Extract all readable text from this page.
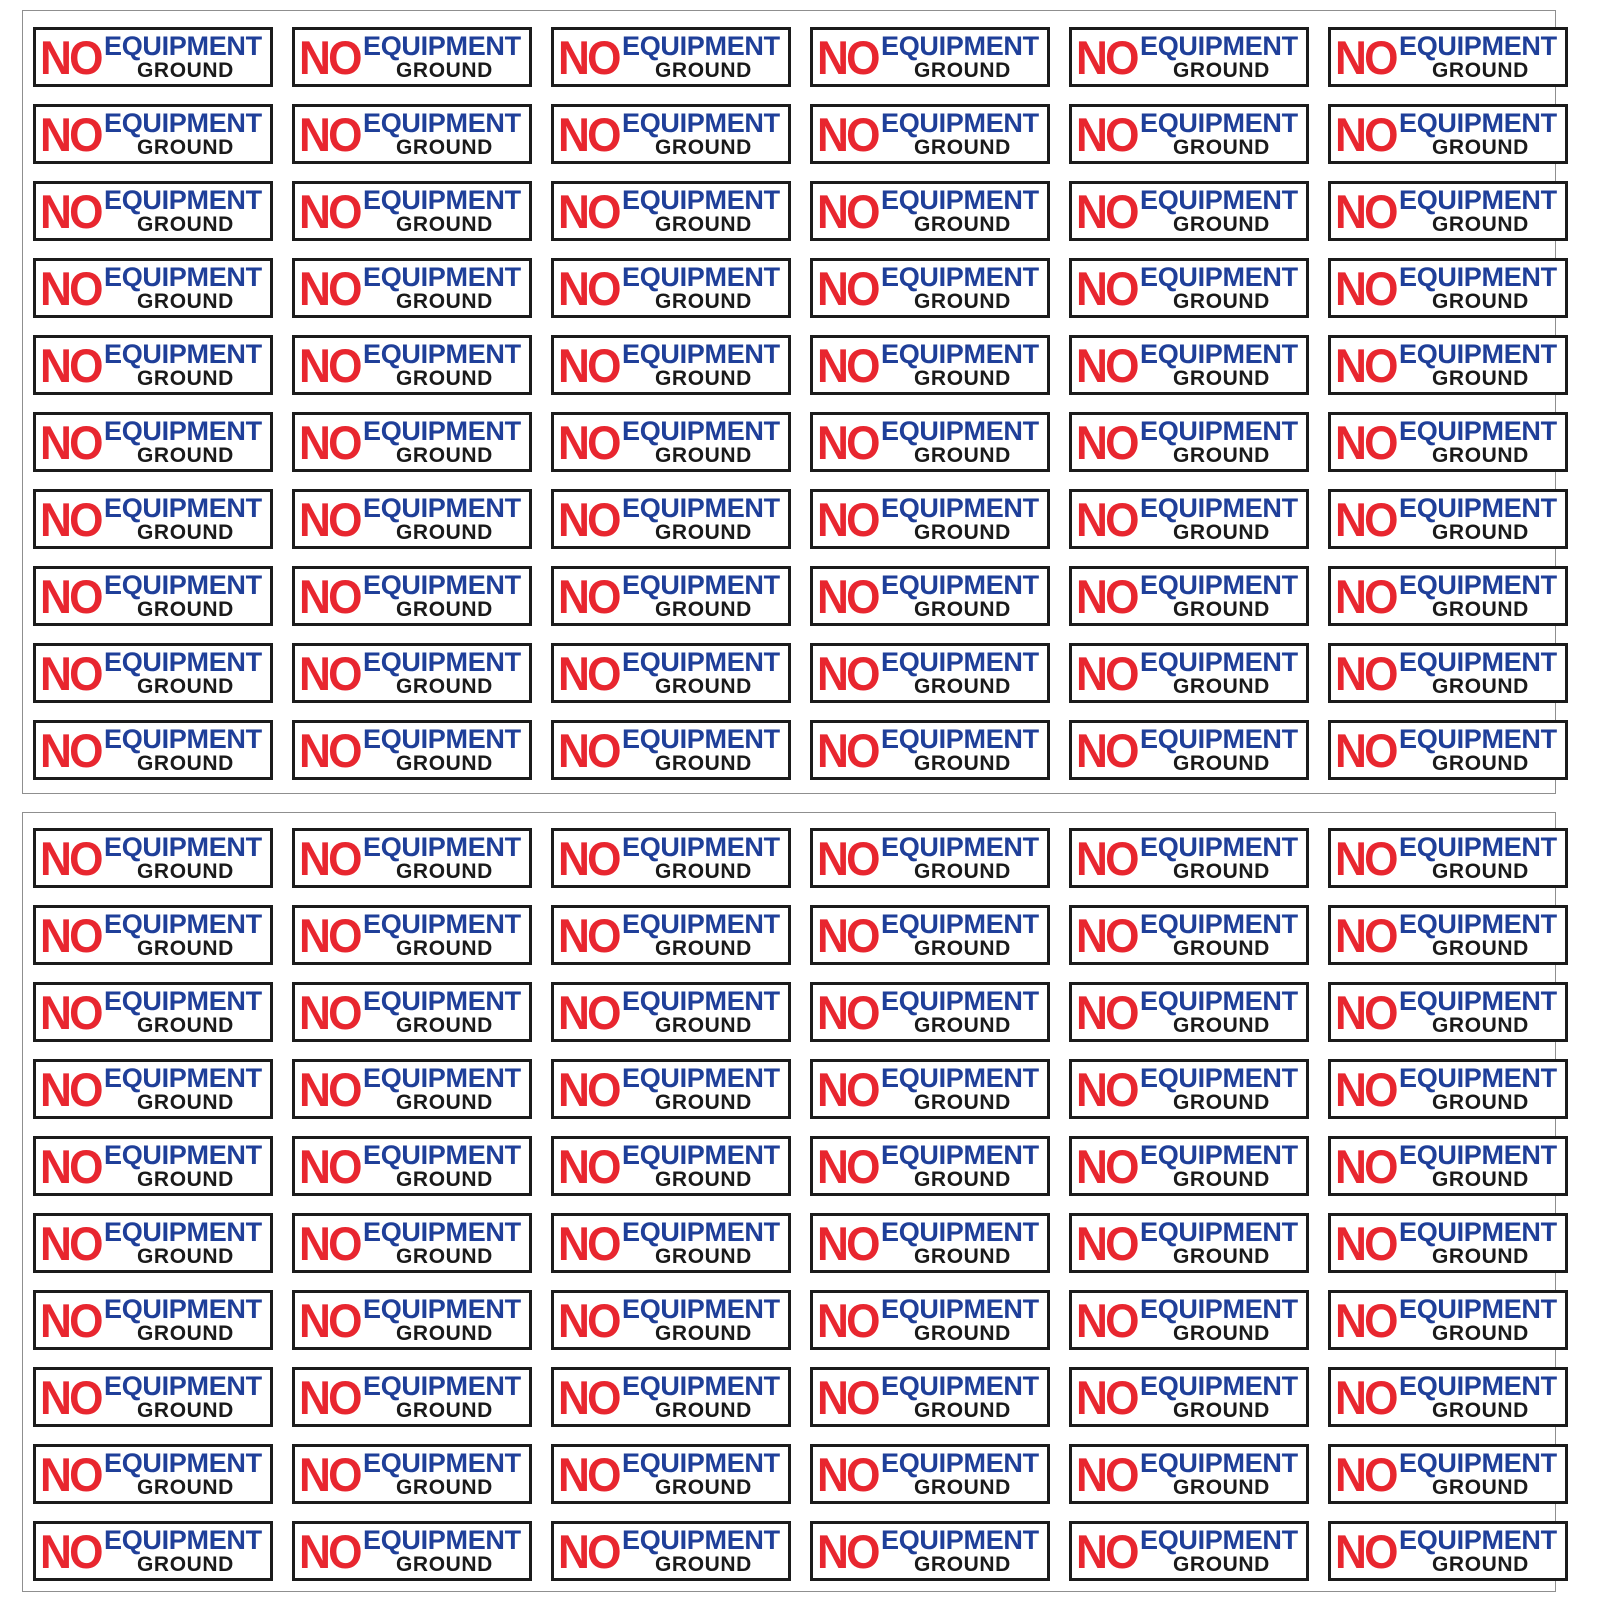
NO EQUIPMENT
GROUND NO EQUIPMENT
GROUND NO EQUIPMENT
GROUND NO EQUIPMENT
GROUND NO EQUIPMENT
GROUND NO EQUIPMENT
GROUND
NO EQUIPMENT
GROUND NO EQUIPMENT
GROUND NO EQUIPMENT
GROUND NO EQUIPMENT
GROUND NO EQUIPMENT
GROUND NO EQUIPMENT
GROUND
NO EQUIPMENT
GROUND NO EQUIPMENT
GROUND NO EQUIPMENT
GROUND NO EQUIPMENT
GROUND NO EQUIPMENT
GROUND NO EQUIPMENT
GROUND
NO EQUIPMENT
GROUND NO EQUIPMENT
GROUND NO EQUIPMENT
GROUND NO EQUIPMENT
GROUND NO EQUIPMENT
GROUND NO EQUIPMENT
GROUND
NO EQUIPMENT
GROUND NO EQUIPMENT
GROUND NO EQUIPMENT
GROUND NO EQUIPMENT
GROUND NO EQUIPMENT
GROUND NO EQUIPMENT
GROUND
NO EQUIPMENT
GROUND NO EQUIPMENT
GROUND NO EQUIPMENT
GROUND NO EQUIPMENT
GROUND NO EQUIPMENT
GROUND NO EQUIPMENT
GROUND
NO EQUIPMENT
GROUND NO EQUIPMENT
GROUND NO EQUIPMENT
GROUND NO EQUIPMENT
GROUND NO EQUIPMENT
GROUND NO EQUIPMENT
GROUND
NO EQUIPMENT
GROUND NO EQUIPMENT
GROUND NO EQUIPMENT
GROUND NO EQUIPMENT
GROUND NO EQUIPMENT
GROUND NO EQUIPMENT
GROUND
NO EQUIPMENT
GROUND NO EQUIPMENT
GROUND NO EQUIPMENT
GROUND NO EQUIPMENT
GROUND NO EQUIPMENT
GROUND NO EQUIPMENT
GROUND
NO EQUIPMENT
GROUND NO EQUIPMENT
GROUND NO EQUIPMENT
GROUND NO EQUIPMENT
GROUND NO EQUIPMENT
GROUND NO EQUIPMENT
GROUND
NO EQUIPMENT
GROUND NO EQUIPMENT
GROUND NO EQUIPMENT
GROUND NO EQUIPMENT
GROUND NO EQUIPMENT
GROUND NO EQUIPMENT
GROUND
NO EQUIPMENT
GROUND NO EQUIPMENT
GROUND NO EQUIPMENT
GROUND NO EQUIPMENT
GROUND NO EQUIPMENT
GROUND NO EQUIPMENT
GROUND
NO EQUIPMENT
GROUND NO EQUIPMENT
GROUND NO EQUIPMENT
GROUND NO EQUIPMENT
GROUND NO EQUIPMENT
GROUND NO EQUIPMENT
GROUND
NO EQUIPMENT
GROUND NO EQUIPMENT
GROUND NO EQUIPMENT
GROUND NO EQUIPMENT
GROUND NO EQUIPMENT
GROUND NO EQUIPMENT
GROUND
NO EQUIPMENT
GROUND NO EQUIPMENT
GROUND NO EQUIPMENT
GROUND NO EQUIPMENT
GROUND NO EQUIPMENT
GROUND NO EQUIPMENT
GROUND
NO EQUIPMENT
GROUND NO EQUIPMENT
GROUND NO EQUIPMENT
GROUND NO EQUIPMENT
GROUND NO EQUIPMENT
GROUND NO EQUIPMENT
GROUND
NO EQUIPMENT
GROUND NO EQUIPMENT
GROUND NO EQUIPMENT
GROUND NO EQUIPMENT
GROUND NO EQUIPMENT
GROUND NO EQUIPMENT
GROUND
NO EQUIPMENT
GROUND NO EQUIPMENT
GROUND NO EQUIPMENT
GROUND NO EQUIPMENT
GROUND NO EQUIPMENT
GROUND NO EQUIPMENT
GROUND
NO EQUIPMENT
GROUND NO EQUIPMENT
GROUND NO EQUIPMENT
GROUND NO EQUIPMENT
GROUND NO EQUIPMENT
GROUND NO EQUIPMENT
GROUND
NO EQUIPMENT
GROUND NO EQUIPMENT
GROUND NO EQUIPMENT
GROUND NO EQUIPMENT
GROUND NO EQUIPMENT
GROUND NO EQUIPMENT
GROUND
